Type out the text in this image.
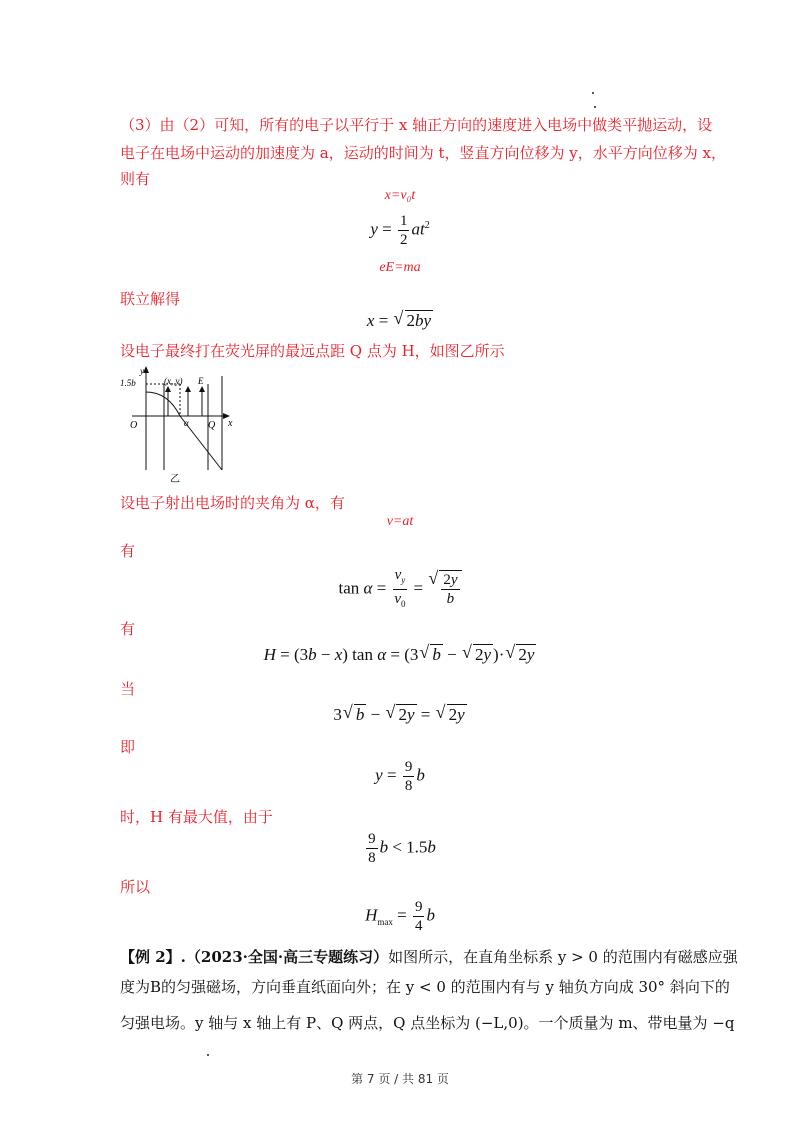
（3）由（2）可知，所有的电子以平行于 x 轴正方向的速度进入电场中做类平抛运动，设
电子在电场中运动的加速度为 a，运动的时间为 t，竖直方向位移为 y，水平方向位移为 x，
则有
x=v₀t
$y = \frac{1}{2} at^2$
eE=ma
联立解得
x = √ 2by
设电子最终打在荧光屏的最远点距 Q 点为 H，如图乙所示
y
1.5b	(x, y) E
O	α Q x
乙
设电子射出电场时的夹角为 α，有
v=at
有
$\tan \alpha = \frac{v_y}{v_0}$ = √ $\frac{2y}{b}$
有
H = (3b − x) tan α = (3 √ b − √ 2y )· √ 2y
当
3 √ b − √ 2y = √ 2y
即
$y = \frac{9}{8}$ b
时，H 有最大值，由于
$\frac{9}{8}$ b < 1.5b
所以
$H_{max} = \frac{9}{4}$ b
【例 2】.（2023·全国·高三专题练习）如图所示，在直角坐标系 y > 0 的范围内有磁感应强
度为B的匀强磁场，方向垂直纸面向外；在 y < 0 的范围内有与 y 轴负方向成 30° 斜向下的
匀强电场。y 轴与 x 轴上有 P、Q 两点，Q 点坐标为 (−L,0)。一个质量为 m、带电量为 −q
第 7 页 / 共 81 页
